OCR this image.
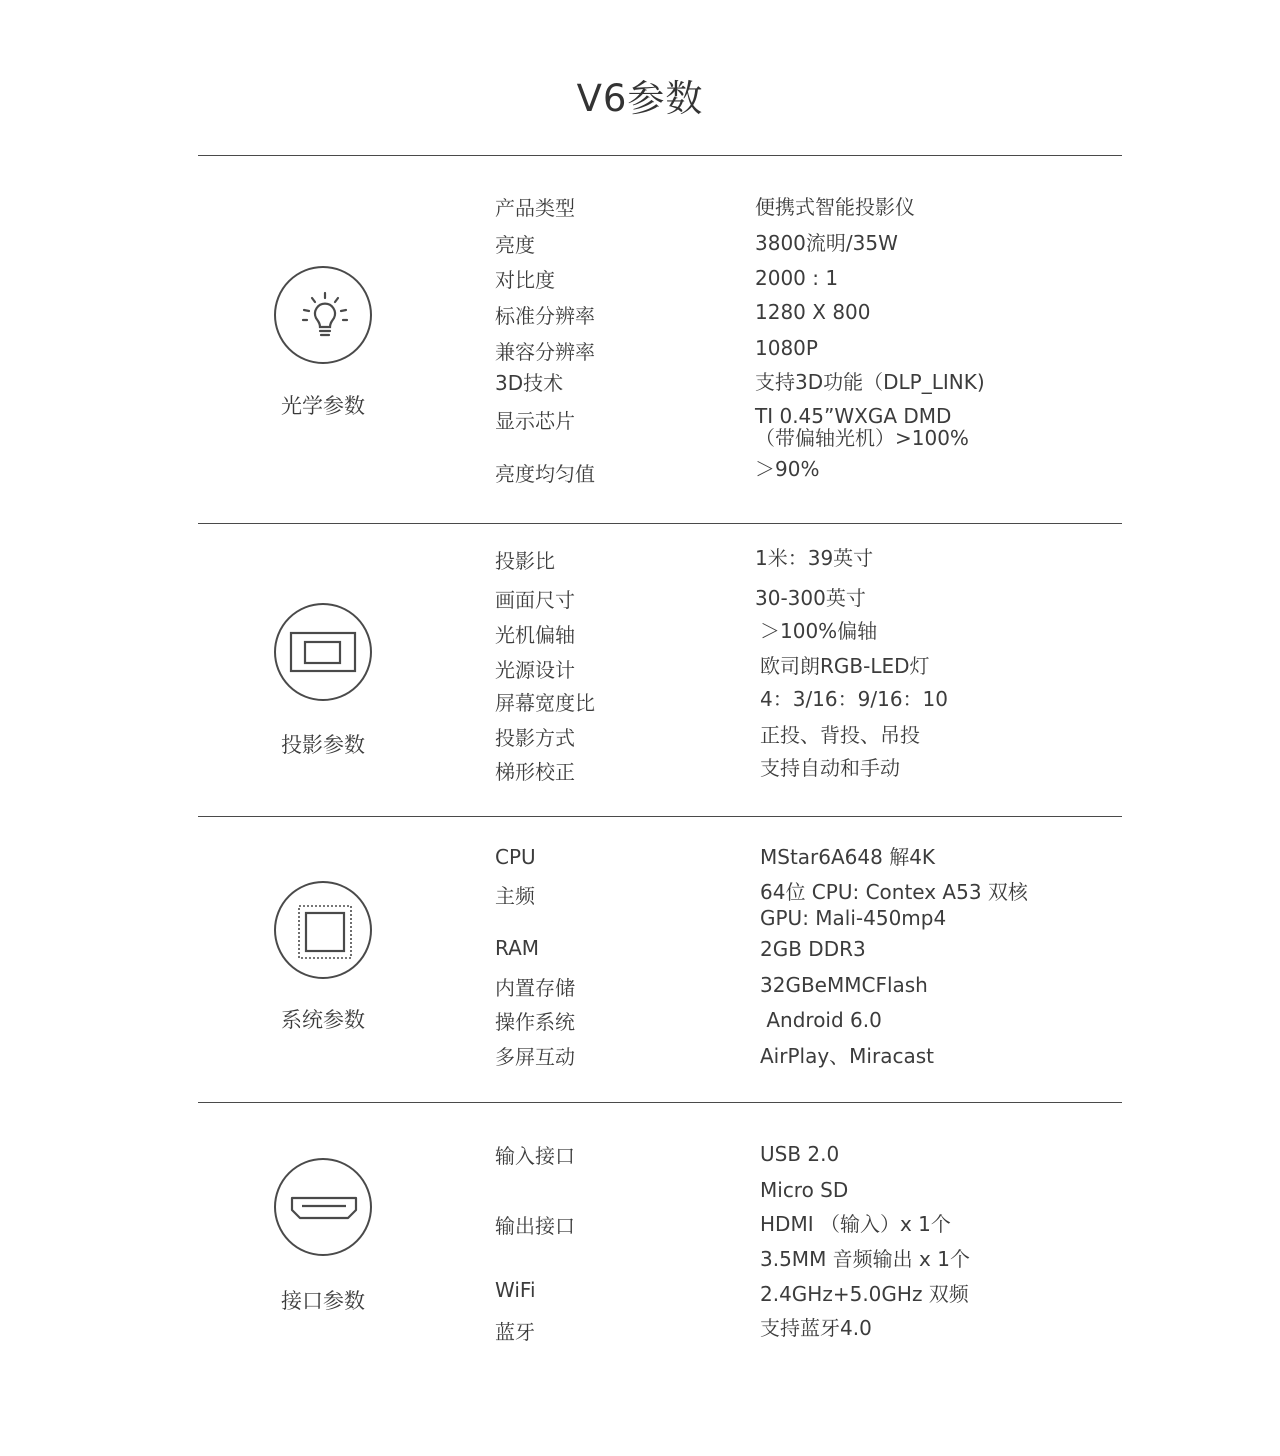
V6参数
光学参数
产品类型	便携式智能投影仪
亮度	3800流明/35W
对比度	2000 : 1
标准分辨率	1280 X 800
兼容分辨率	1080P
3D技术	支持3D功能（DLP_LINK)
显示芯片	TI 0.45”WXGA DMD
（带偏轴光机）>100%
亮度均匀值	＞90%
投影参数
投影比	1米：39英寸
画面尺寸	30-300英寸
光机偏轴	＞100%偏轴
光源设计	欧司朗RGB-LED灯
屏幕宽度比	4：3/16：9/16：10
投影方式	正投、背投、吊投
梯形校正	支持自动和手动
系统参数
CPU	MStar6A648 解4K
主频	64位 CPU: Contex A53 双核
GPU: Mali-450mp4
RAM	2GB DDR3
内置存储	32GBeMMCFlash
操作系统	Android 6.0
多屏互动	AirPlay、Miracast
接口参数
输入接口	USB 2.0
Micro SD
输出接口	HDMI （输入）x 1个
3.5MM 音频输出 x 1个
WiFi	2.4GHz+5.0GHz 双频
蓝牙	支持蓝牙4.0
